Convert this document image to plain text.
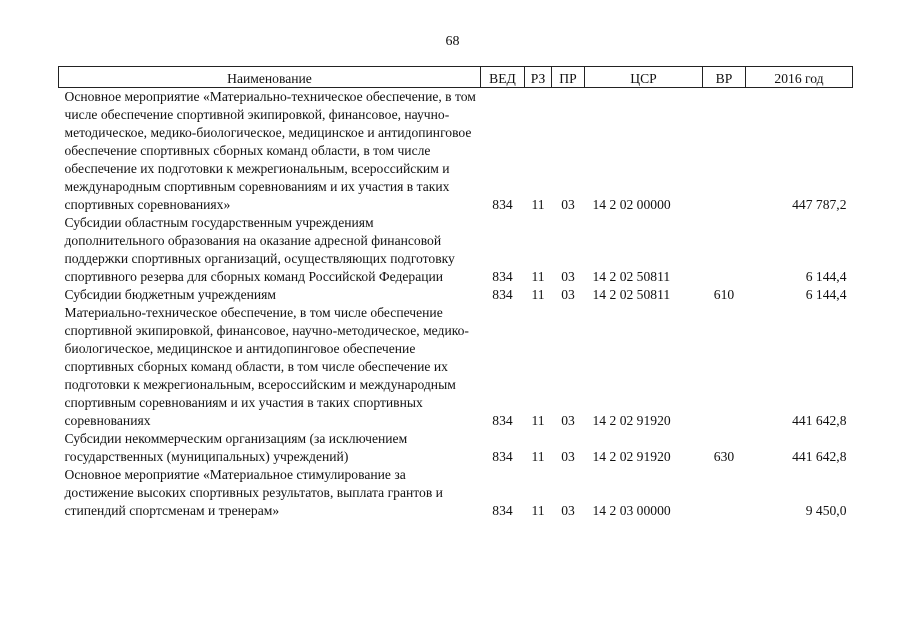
68
Наименование	ВЕД	РЗ	ПР	ЦСР	ВР	2016 год
Основное мероприятие «Материально-техническое обеспечение, в том числе обеспечение спортивной экипировкой, финансовое, научно-методическое, медико-биологическое, медицинское и антидопинговое обеспечение спортивных сборных команд области, в том числе обеспечение их подготовки к межрегиональным, всероссийским и международным спортивным соревнованиям и их участия в таких спортивных соревнованиях»	834	11	03	14 2 02 00000		447 787,2
Субсидии областным государственным учреждениям дополнительного образования на оказание адресной финансовой поддержки спортивных организаций, осуществляющих подготовку спортивного резерва для сборных команд Российской Федерации	834	11	03	14 2 02 50811		6 144,4
Субсидии бюджетным учреждениям	834	11	03	14 2 02 50811	610	6 144,4
Материально-техническое обеспечение, в том числе обеспечение спортивной экипировкой, финансовое, научно-методическое, медико-биологическое, медицинское и антидопинговое обеспечение спортивных сборных команд области, в том числе обеспечение их подготовки к межрегиональным, всероссийским и международным спортивным соревнованиям и их участия в таких спортивных соревнованиях	834	11	03	14 2 02 91920		441 642,8
Субсидии некоммерческим организациям (за исключением государственных (муниципальных) учреждений)	834	11	03	14 2 02 91920	630	441 642,8
Основное мероприятие «Материальное стимулирование за достижение высоких спортивных результатов, выплата грантов и стипендий спортсменам и тренерам»	834	11	03	14 2 03 00000		9 450,0
